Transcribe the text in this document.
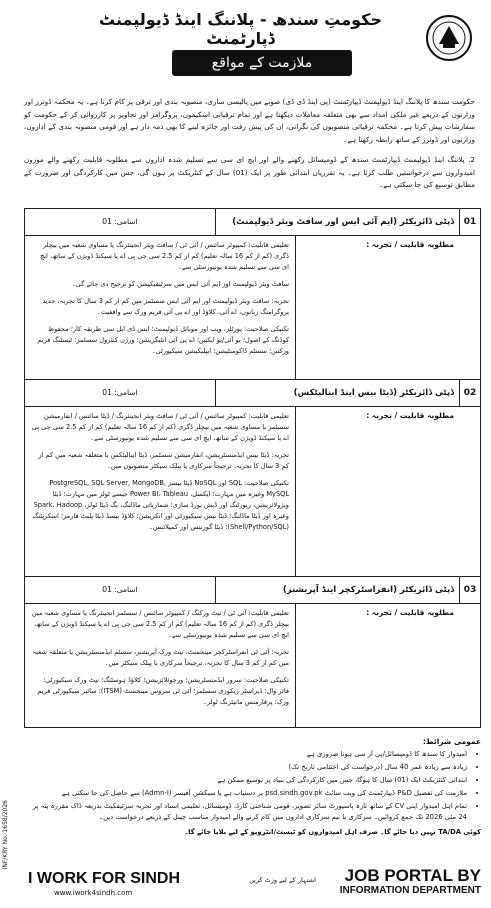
حکومتِ سندھ - پلاننگ اینڈ ڈیولپمنٹ ڈپارٹمنٹ
ملازمت کے مواقع

حکومت سندھ کا پلاننگ اینڈ ڈیولپمنٹ ڈیپارٹمنٹ (پی اینڈ ڈی ڈی) صوبے میں پالیسی سازی، منصوبہ بندی اور ترقی پر کام کرتا ہے۔ یہ محکمہ ڈونرز اور وزارتوں کے ذریعے غیر ملکی امداد سے بھی متعلقہ معاملات دیکھتا ہے اور تمام ترقیاتی اسکیموں، پروگرامز اور تجاویز پر کارروائی کر کے حکومت کو سفارشات پیش کرتا ہے۔ محکمہ ترقیاتی منصوبوں کی نگرانی، ان کی پیش رفت اور جائزہ لینے کا بھی ذمہ دار ہے اور قومی منصوبہ بندی کے اداروں، وزارتوں اور ڈونرز کے ساتھ رابطہ رکھتا ہے۔

2. پلاننگ اینڈ ڈیولپمنٹ ڈیپارٹمنٹ سندھ کے ڈومیسائل رکھنے والے اور ایچ ای سی سے تسلیم شدہ اداروں سے مطلوبہ قابلیت رکھنے والے موزوں امیدواروں سے درخواستیں طلب کرتا ہے۔ یہ تقرریاں ابتدائی طور پر ایک (01) سال کے کنٹریکٹ پر ہوں گی، جس میں کارکردگی اور ضرورت کے مطابق توسیع کی جا سکتی ہے۔

01
ڈپٹی ڈائریکٹر (ایم آئی ایس اور سافٹ ویئر ڈیولپمنٹ)
اسامی: 01
مطلوبہ قابلیت / تجربہ :

تعلیمی قابلیت: کمپیوٹر سائنس / آئی ٹی / سافٹ ویئر انجینئرنگ یا مساوی شعبہ میں بیچلر ڈگری (کم از کم 16 سالہ تعلیم) کم از کم 2.5 سی جی پی اے یا سیکنڈ ڈویژن کے ساتھ، ایچ ای سی سے تسلیم شدہ یونیورسٹی سے۔

سافٹ ویئر ڈیولپمنٹ اور ایم آئی ایس میں سرٹیفیکیشن کو ترجیح دی جائے گی۔

تجربہ: سافٹ ویئر ڈیولپمنٹ اور ایم آئی ایس سسٹمز میں کم از کم 3 سال کا تجربہ، جدید پروگرامنگ زبانوں، اے آئی، کلاؤڈ اور اے پی آئی فریم ورک سے واقفیت۔

تکنیکی صلاحیت: پورٹلز، ویب اور موبائل ڈیولپمنٹ؛ ایس ڈی ایل سی طریقہ کار؛ محفوظ کوڈنگ کے اصول؛ یو آئی/یو ایکس؛ اے پی آئی انٹیگریشن؛ ورژن کنٹرول سسٹمز؛ ٹیسٹنگ فریم ورکس؛ سسٹم ڈاکومنٹیشن؛ ایپلیکیشن سیکیورٹی۔

02
ڈپٹی ڈائریکٹر (ڈیٹا بیس اینڈ اینالیٹکس)
اسامی: 01
مطلوبہ قابلیت / تجربہ :

تعلیمی قابلیت: کمپیوٹر سائنس / آئی ٹی / سافٹ ویئر انجینئرنگ / ڈیٹا سائنس / انفارمیشن سسٹمز یا مساوی شعبہ میں بیچلر ڈگری (کم از کم 16 سالہ تعلیم) کم از کم 2.5 سی جی پی اے یا سیکنڈ ڈویژن کے ساتھ، ایچ ای سی سے تسلیم شدہ یونیورسٹی سے۔

تجربہ: ڈیٹا بیس ایڈمنسٹریشن، انفارمیشن سسٹمز، ڈیٹا اینالیٹکس یا متعلقہ شعبہ میں کم از کم 3 سال کا تجربہ، ترجیحاً سرکاری یا پبلک سیکٹر منصوبوں میں۔

تکنیکی صلاحیت: SQL اور NoSQL ڈیٹا بیسز PostgreSQL, SQL Server, MongoDB, MySQL وغیرہ میں مہارت؛ ایکسل، Power BI، Tableau جیسے ٹولز میں مہارت؛ ڈیٹا ویژولائزیشن، رپورٹنگ اور ڈیش بورڈ سازی؛ شماریاتی ماڈلنگ، بگ ڈیٹا ٹولز، Spark، Hadoop وغیرہ اور ڈیٹا ماڈلنگ؛ ڈیٹا بیس سیکیورٹی اور انکرپشن؛ کلاؤڈ بیسڈ ڈیٹا پلیٹ فارمز؛ اسکرپٹنگ (Shell/Python/SQL)؛ ڈیٹا گورننس اور کمپلائنس۔

03
ڈپٹی ڈائریکٹر (انفراسٹرکچر اینڈ آپریشنز)
اسامی: 01
مطلوبہ قابلیت / تجربہ :

تعلیمی قابلیت: آئی ٹی / نیٹ ورکنگ / کمپیوٹر سائنس / سسٹمز انجینئرنگ یا مساوی شعبہ میں بیچلر ڈگری (کم از کم 16 سالہ تعلیم) کم از کم 2.5 سی جی پی اے یا سیکنڈ ڈویژن کے ساتھ، ایچ ای سی سے تسلیم شدہ یونیورسٹی سے۔

تجربہ: آئی ٹی انفراسٹرکچر مینجمنٹ، نیٹ ورک آپریشنز، سسٹم ایڈمنسٹریشن یا متعلقہ شعبہ میں کم از کم 3 سال کا تجربہ، ترجیحاً سرکاری یا پبلک سیکٹر میں۔

تکنیکی صلاحیت: سرور ایڈمنسٹریشن؛ ورچوئلائزیشن؛ کلاؤڈ ہوسٹنگ؛ نیٹ ورک سیکیورٹی؛ فائر وال؛ ڈیزاسٹر ریکوری سسٹمز؛ آئی ٹی سروس مینجمنٹ (ITSM)؛ سائبر سیکیورٹی فریم ورک؛ پرفارمنس مانیٹرنگ ٹولز۔

عمومی شرائط:
• امیدوار کا سندھ کا ڈومیسائل/پی آر سی ہونا ضروری ہے
• زیادہ سے زیادہ عمر 40 سال (درخواست کی اختتامی تاریخ تک)
• ابتدائی کنٹریکٹ ایک (01) سال کا ہوگا، جس میں کارکردگی کی بنیاد پر توسیع ممکن ہے
• ملازمت کی تفصیل P&D ڈیپارٹمنٹ کی ویب سائٹ psd.sindh.gov.pk پر دستیاب ہے یا سیکشن آفیسر (Admn-I) سے حاصل کی جا سکتی ہے
• تمام اہل امیدوار اپنی CV کے ساتھ تازہ پاسپورٹ سائز تصویر، قومی شناختی کارڈ، ڈومیسائل، تعلیمی اسناد اور تجربہ سرٹیفکیٹ بذریعہ ڈاک مقررہ پتہ پر 24 مئی 2026 تک جمع کروائیں۔ سرکاری یا نیم سرکاری اداروں میں کام کرنے والے امیدوار مناسب چینل کے ذریعے درخواست دیں۔
کوئی TA/DA نہیں دیا جائے گا۔ صرف اہل امیدواروں کو ٹیسٹ/انٹرویو کے لیے بلایا جائے گا۔
I WORK FOR SINDH
www.iwork4sindh.com
اشتہار کے لیے وزٹ کریں JOB PORTAL BY
INFORMATION DEPARTMENT
INF/KRY No. 1658/2026
